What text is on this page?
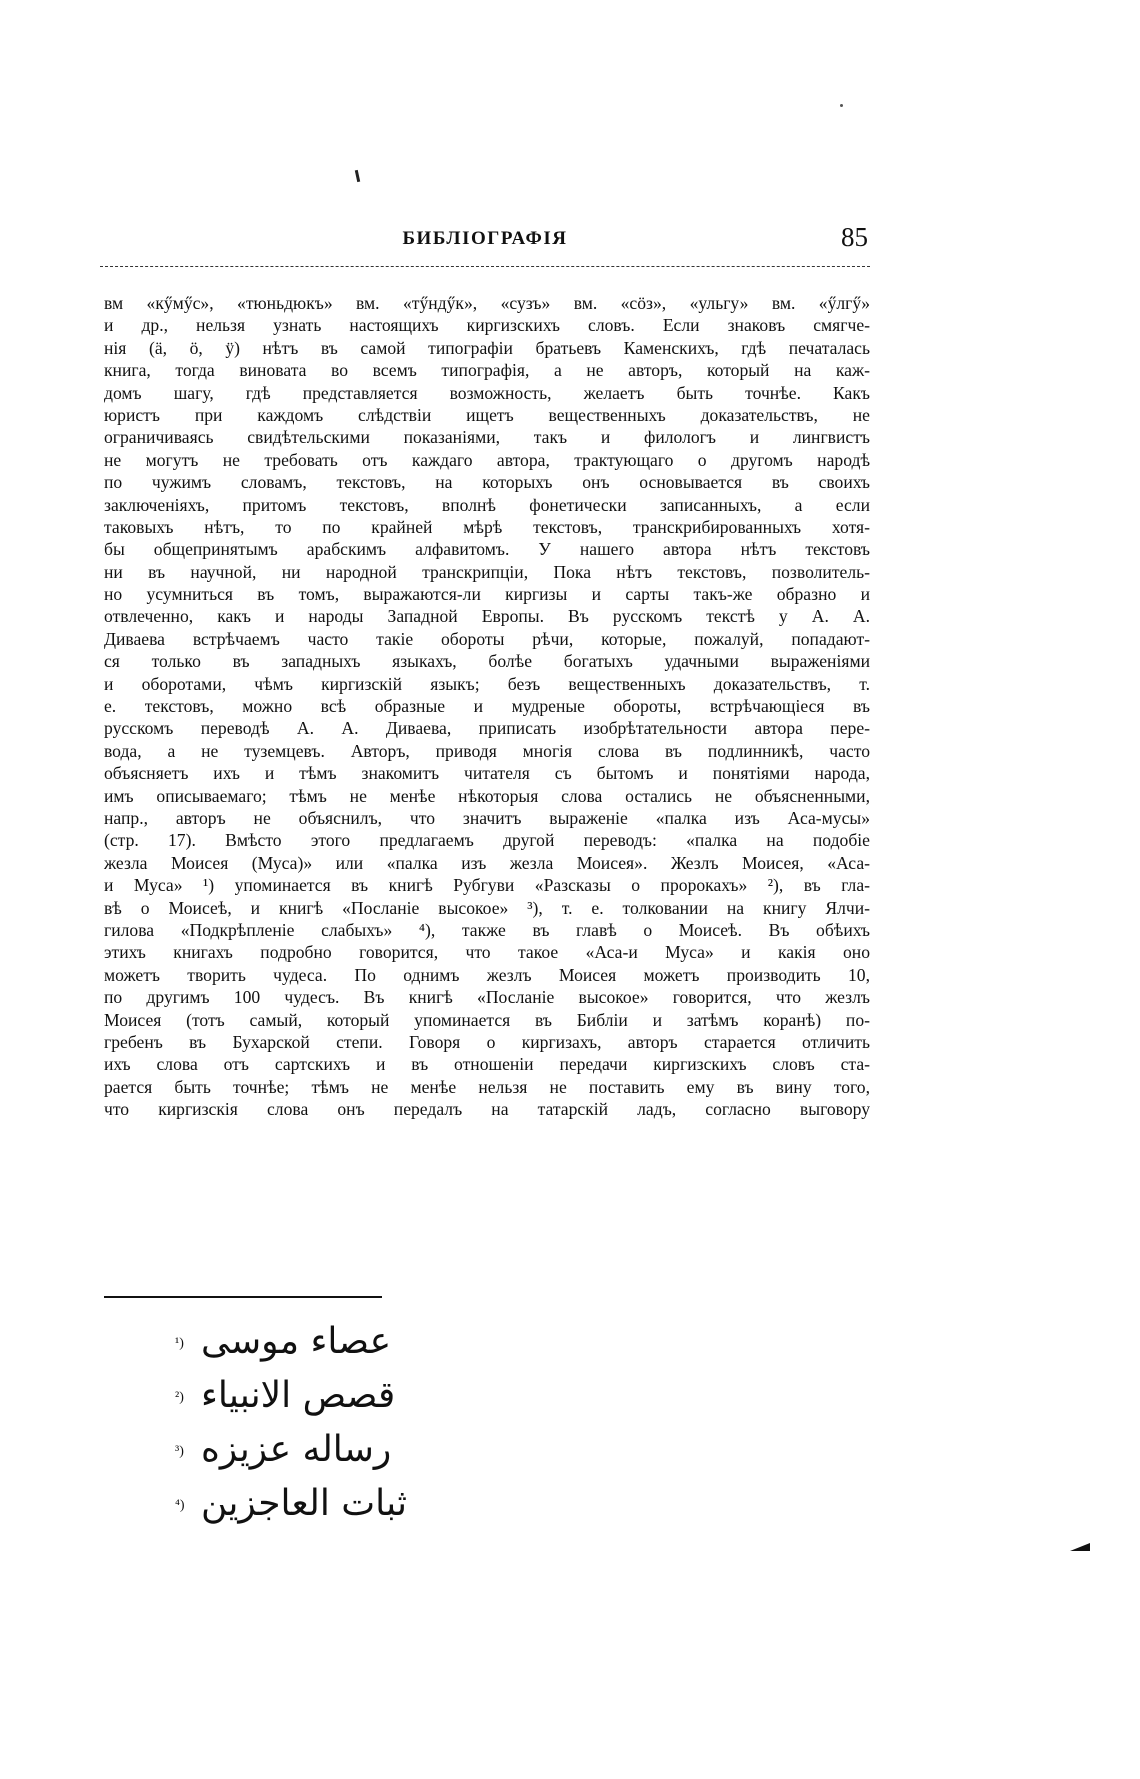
БИБЛІОГРАФІЯ	85
вм «кӳмӳс», «тюньдюкъ» вм. «тӳндӳк», «сузъ» вм. «сӧз», «ульгу» вм. «ӳлгӳ»
и др., нельзя узнать настоящихъ киргизскихъ словъ. Если знаковъ смягче-
нія (ä, ö, ӱ) нѣтъ въ самой типографіи братьевъ Каменскихъ, гдѣ печаталась
книга, тогда виновата во всемъ типографія, а не авторъ, который на каж-
домъ шагу, гдѣ представляется возможность, желаетъ быть точнѣе. Какъ
юристъ при каждомъ слѣдствіи ищетъ вещественныхъ доказательствъ, не
ограничиваясь свидѣтельскими показаніями, такъ и филологъ и лингвистъ
не могутъ не требовать отъ каждаго автора, трактующаго о другомъ народѣ
по чужимъ словамъ, текстовъ, на которыхъ онъ основывается въ своихъ
заключеніяхъ, притомъ текстовъ, вполнѣ фонетически записанныхъ, а если
таковыхъ нѣтъ, то по крайней мѣрѣ текстовъ, транскрибированныхъ хотя-
бы общепринятымъ арабскимъ алфавитомъ. У нашего автора нѣтъ текстовъ
ни въ научной, ни народной транскрипціи, Пока нѣтъ текстовъ, позволитель-
но усумниться въ томъ, выражаются-ли киргизы и сарты такъ-же образно и
отвлеченно, какъ и народы Западной Европы. Въ русскомъ текстѣ у А. А.
Диваева встрѣчаемъ часто такіе обороты рѣчи, которые, пожалуй, попадают-
ся только въ западныхъ языкахъ, болѣе богатыхъ удачными выраженіями
и оборотами, чѣмъ киргизскій языкъ; безъ вещественныхъ доказательствъ, т.
е. текстовъ, можно всѣ образные и мудреные обороты, встрѣчающіеся въ
русскомъ переводѣ А. А. Диваева, приписать изобрѣтательности автора пере-
вода, а не туземцевъ. Авторъ, приводя многія слова въ подлинникѣ, часто
объясняетъ ихъ и тѣмъ знакомитъ читателя съ бытомъ и понятіями народа,
имъ описываемаго; тѣмъ не менѣе нѣкоторыя слова остались не объясненными,
напр., авторъ не объяснилъ, что значитъ выраженіе «палка изъ Аса-мусы»
(стр. 17). Вмѣсто этого предлагаемъ другой переводъ: «палка на подобіе
жезла Моисея (Муса)» или «палка изъ жезла Моисея». Жезлъ Моисея, «Аса-
и Муса» ¹) упоминается въ книгѣ Рубгуви «Разсказы о пророкахъ» ²), въ гла-
вѣ о Моисеѣ, и книгѣ «Посланіе высокое» ³), т. е. толковании на книгу Ялчи-
гилова «Подкрѣпленіе слабыхъ» ⁴), также въ главѣ о Моисеѣ. Въ обѣихъ
этихъ книгахъ подробно говорится, что такое «Аса-и Муса» и какія оно
можетъ творить чудеса. По однимъ жезлъ Моисея можетъ производить 10,
по другимъ 100 чудесъ. Въ книгѣ «Посланіе высокое» говорится, что жезлъ
Моисея (тотъ самый, который упоминается въ Библіи и затѣмъ коранѣ) по-
гребенъ въ Бухарской степи. Говоря о киргизахъ, авторъ старается отличить
ихъ слова отъ сартскихъ и въ отношеніи передачи киргизскихъ словъ ста-
рается быть точнѣе; тѣмъ не менѣе нельзя не поставить ему въ вину того,
что киргизскія слова онъ передалъ на татарскій ладъ, согласно выговору
¹) عصاء موسى
²) قصص الانبياء
³) رساله عزيزه
⁴) ثبات العاجزين
